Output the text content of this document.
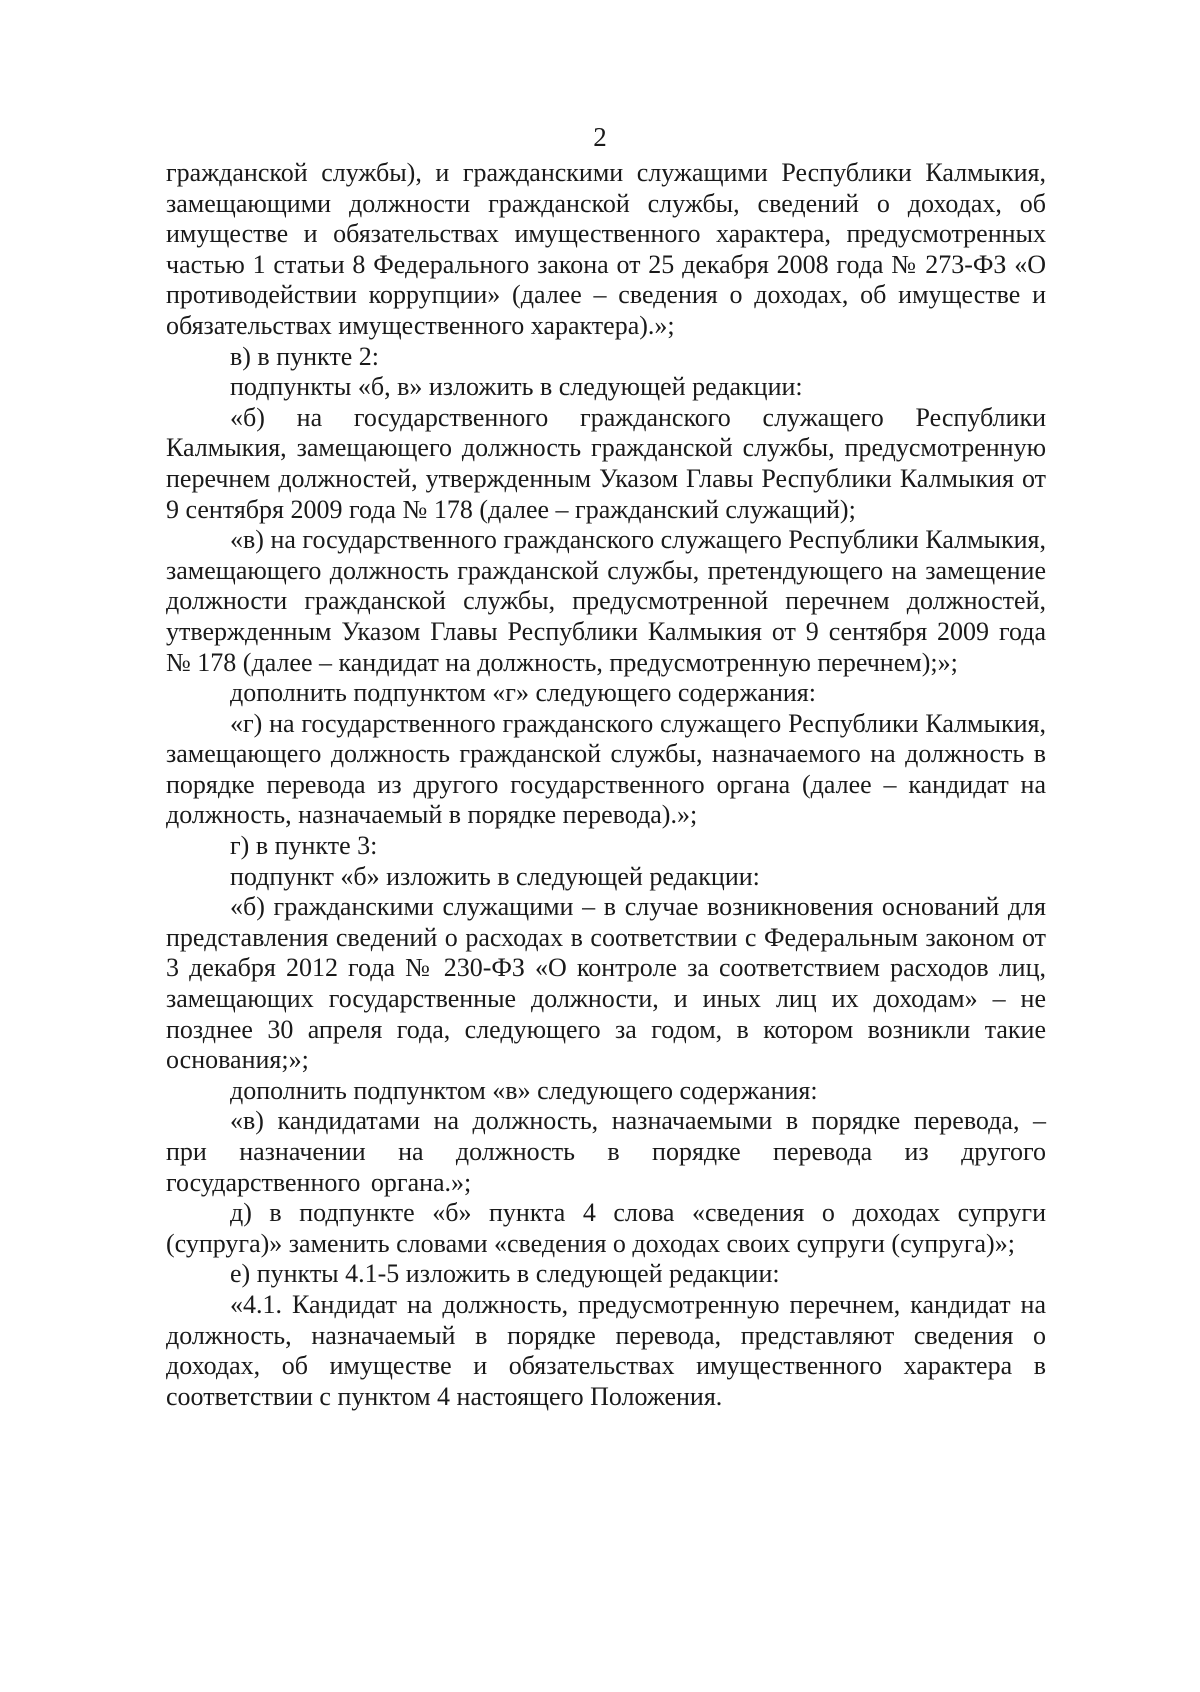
2

гражданской службы), и гражданскими служащими Республики Калмыкия, замещающими должности гражданской службы, сведений о доходах, об имуществе и обязательствах имущественного характера, предусмотренных частью 1 статьи 8 Федерального закона от 25 декабря 2008 года № 273-ФЗ «О противодействии коррупции» (далее – сведения о доходах, об имуществе и обязательствах имущественного характера).»;

в) в пункте 2:

подпункты «б, в» изложить в следующей редакции:

«б) на государственного гражданского служащего Республики Калмыкия, замещающего должность гражданской службы, предусмотренную перечнем должностей, утвержденным Указом Главы Республики Калмыкия от 9 сентября 2009 года № 178 (далее – гражданский служащий);

«в) на государственного гражданского служащего Республики Калмыкия, замещающего должность гражданской службы, претендующего на замещение должности гражданской службы, предусмотренной перечнем должностей, утвержденным Указом Главы Республики Калмыкия от 9 сентября 2009 года № 178 (далее – кандидат на должность, предусмотренную перечнем);»;

дополнить подпунктом «г» следующего содержания:

«г) на государственного гражданского служащего Республики Калмыкия, замещающего должность гражданской службы, назначаемого на должность в порядке перевода из другого государственного органа (далее – кандидат на должность, назначаемый в порядке перевода).»;

г) в пункте 3:

подпункт «б» изложить в следующей редакции:

«б) гражданскими служащими – в случае возникновения оснований для представления сведений о расходах в соответствии с Федеральным законом от 3 декабря 2012 года № 230-ФЗ «О контроле за соответствием расходов лиц, замещающих государственные должности, и иных лиц их доходам» – не позднее 30 апреля года, следующего за годом, в котором возникли такие основания;»;

дополнить подпунктом «в» следующего содержания:

«в) кандидатами на должность, назначаемыми в порядке перевода, – при назначении на должность в порядке перевода из другого государственного органа.»;

д) в подпункте «б» пункта 4 слова «сведения о доходах супруги (супруга)» заменить словами «сведения о доходах своих супруги (супруга)»;

е) пункты 4.1-5 изложить в следующей редакции:

«4.1. Кандидат на должность, предусмотренную перечнем, кандидат на должность, назначаемый в порядке перевода, представляют сведения о доходах, об имуществе и обязательствах имущественного характера в соответствии с пунктом 4 настоящего Положения.
